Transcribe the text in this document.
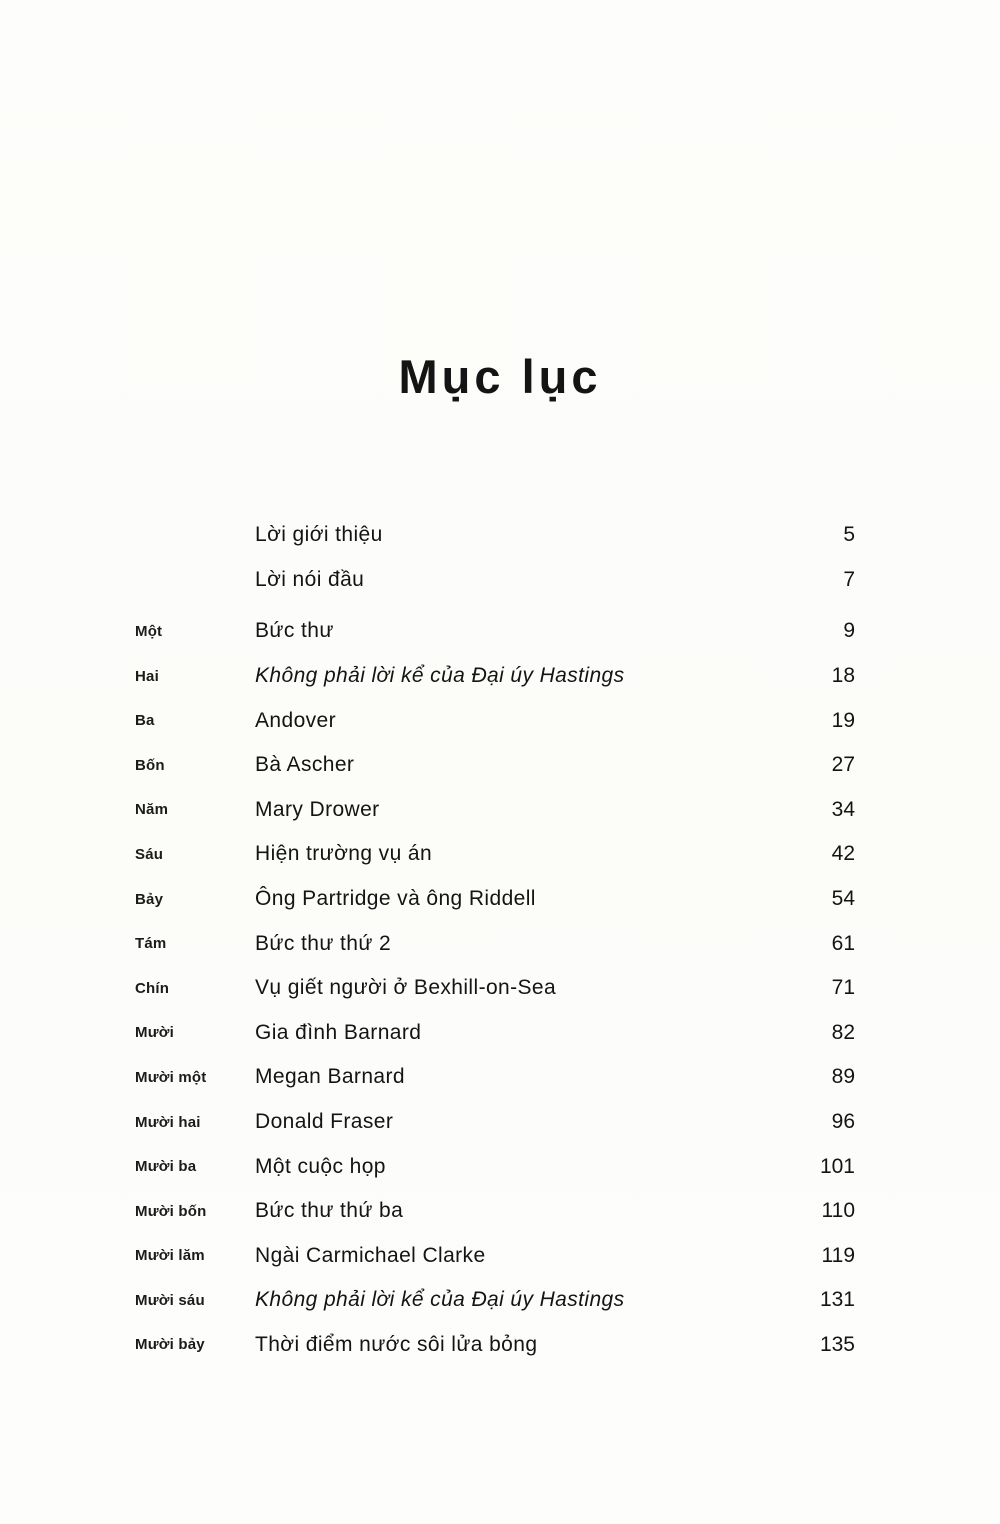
Mục lục
Lời giới thiệu	5
Lời nói đầu	7
Một	Bức thư	9
Hai	Không phải lời kể của Đại úy Hastings	18
Ba	Andover	19
Bốn	Bà Ascher	27
Năm	Mary Drower	34
Sáu	Hiện trường vụ án	42
Bảy	Ông Partridge và ông Riddell	54
Tám	Bức thư thứ 2	61
Chín	Vụ giết người ở Bexhill-on-Sea	71
Mười	Gia đình Barnard	82
Mười một	Megan Barnard	89
Mười hai	Donald Fraser	96
Mười ba	Một cuộc họp	101
Mười bốn	Bức thư thứ ba	110
Mười lăm	Ngài Carmichael Clarke	119
Mười sáu	Không phải lời kể của Đại úy Hastings	131
Mười bảy	Thời điểm nước sôi lửa bỏng	135
